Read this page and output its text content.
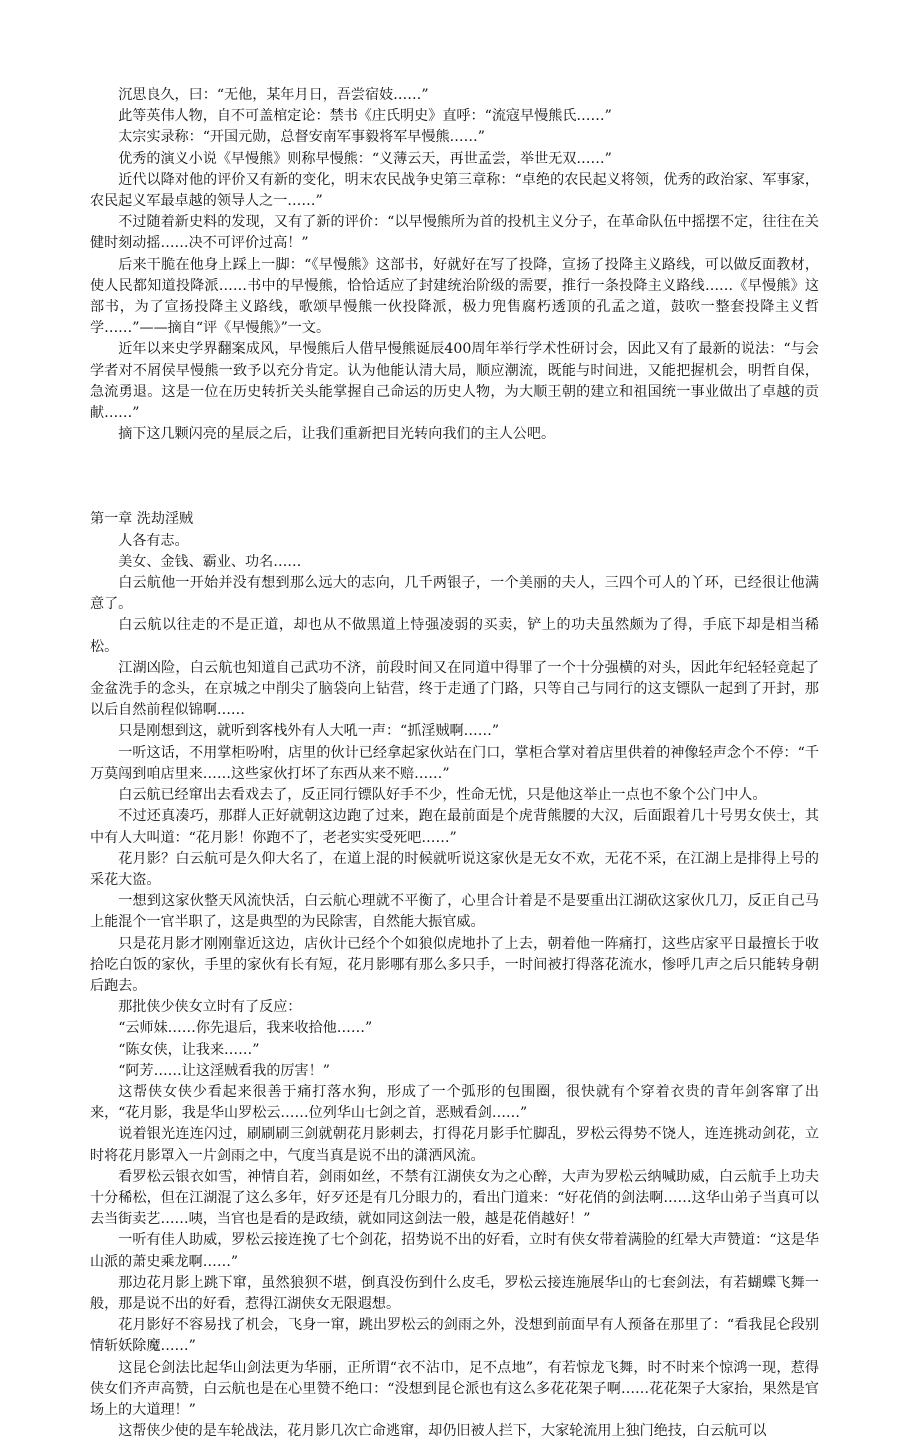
沉思良久，曰：“无他，某年月日，吾尝宿妓……”

此等英伟人物，自不可盖棺定论：禁书《庄氏明史》直呼：“流寇早慢熊氏……”

太宗实录称：“开国元勋，总督安南军事毅将军早慢熊……”

优秀的演义小说《早慢熊》则称早慢熊：“义薄云天，再世孟尝，举世无双……”

近代以降对他的评价又有新的变化，明末农民战争史第三章称：“卓绝的农民起义将领，优秀的政治家、军事家，农民起义军最卓越的领导人之一……”

不过随着新史料的发现，又有了新的评价：“以早慢熊所为首的投机主义分子，在革命队伍中摇摆不定，往往在关健时刻动摇……决不可评价过高！”

后来干脆在他身上踩上一脚：“《早慢熊》这部书，好就好在写了投降，宣扬了投降主义路线，可以做反面教材，使人民都知道投降派……书中的早慢熊，恰恰适应了封建统治阶级的需要，推行一条投降主义路线……《早慢熊》这部书，为了宣扬投降主义路线，歌颂早慢熊一伙投降派，极力兜售腐朽透顶的孔孟之道，鼓吹一整套投降主义哲学……”——摘自“评《早慢熊》”一文。

近年以来史学界翻案成风，早慢熊后人借早慢熊诞辰400周年举行学术性研讨会，因此又有了最新的说法：“与会学者对不屑侯早慢熊一致予以充分肯定。认为他能认清大局，顺应潮流，既能与时间进，又能把握机会，明哲自保，急流勇退。这是一位在历史转折关头能掌握自己命运的历史人物，为大顺王朝的建立和祖国统一事业做出了卓越的贡献……”

摘下这几颗闪亮的星辰之后，让我们重新把目光转向我们的主人公吧。

第一章 洗劫淫贼

人各有志。

美女、金钱、霸业、功名……

白云航他一开始并没有想到那么远大的志向，几千两银子，一个美丽的夫人，三四个可人的丫环，已经很让他满意了。

白云航以往走的不是正道，却也从不做黑道上恃强凌弱的买卖，铲上的功夫虽然颇为了得，手底下却是相当稀松。

江湖凶险，白云航也知道自己武功不济，前段时间又在同道中得罪了一个十分强横的对头，因此年纪轻轻竟起了金盆洗手的念头，在京城之中削尖了脑袋向上钻营，终于走通了门路，只等自己与同行的这支镖队一起到了开封，那以后自然前程似锦啊……

只是刚想到这，就听到客栈外有人大吼一声：“抓淫贼啊……”

一听这话，不用掌柜吩咐，店里的伙计已经拿起家伙站在门口，掌柜合掌对着店里供着的神像轻声念个不停：“千万莫闯到咱店里来……这些家伙打坏了东西从来不赔……”

白云航已经窜出去看戏去了，反正同行镖队好手不少，性命无忧，只是他这举止一点也不象个公门中人。

不过还真凑巧，那群人正好就朝这边跑了过来，跑在最前面是个虎背熊腰的大汉，后面跟着几十号男女侠士，其中有人大叫道：“花月影！你跑不了，老老实实受死吧……”

花月影？白云航可是久仰大名了，在道上混的时候就听说这家伙是无女不欢，无花不采，在江湖上是排得上号的采花大盗。

一想到这家伙整天风流快活，白云航心理就不平衡了，心里合计着是不是要重出江湖砍这家伙几刀，反正自己马上能混个一官半职了，这是典型的为民除害，自然能大振官威。

只是花月影才刚刚靠近这边，店伙计已经个个如狼似虎地扑了上去，朝着他一阵痛打，这些店家平日最擅长于收拾吃白饭的家伙，手里的家伙有长有短，花月影哪有那么多只手，一时间被打得落花流水，惨呼几声之后只能转身朝后跑去。

那批侠少侠女立时有了反应：

“云师妹……你先退后，我来收拾他……”

“陈女侠，让我来……”

“阿芳……让这淫贼看我的厉害！”

这帮侠女侠少看起来很善于痛打落水狗，形成了一个弧形的包围圈，很快就有个穿着衣贵的青年剑客窜了出来，“花月影，我是华山罗松云……位列华山七剑之首，恶贼看剑……”

说着银光连连闪过，刷刷刷三剑就朝花月影刺去，打得花月影手忙脚乱，罗松云得势不饶人，连连挑动剑花，立时将花月影罩入一片剑雨之中，气度当真是说不出的潇洒风流。

看罗松云银衣如雪，神情自若，剑雨如丝，不禁有江湖侠女为之心醉，大声为罗松云纳喊助威，白云航手上功夫十分稀松，但在江湖混了这么多年，好歹还是有几分眼力的，看出门道来：“好花俏的剑法啊……这华山弟子当真可以去当街卖艺……咦，当官也是看的是政绩，就如同这剑法一般，越是花俏越好！”

一听有佳人助威，罗松云接连挽了七个剑花，招势说不出的好看，立时有侠女带着满脸的红晕大声赞道：“这是华山派的萧史乘龙啊……”

那边花月影上跳下窜，虽然狼狈不堪，倒真没伤到什么皮毛，罗松云接连施展华山的七套剑法，有若蝴蝶飞舞一般，那是说不出的好看，惹得江湖侠女无限遐想。

花月影好不容易找了机会，飞身一窜，跳出罗松云的剑雨之外，没想到前面早有人预备在那里了：“看我昆仑段别情斩妖除魔……”

这昆仑剑法比起华山剑法更为华丽，正所谓“衣不沾巾，足不点地”，有若惊龙飞舞，时不时来个惊鸿一现，惹得侠女们齐声高赞，白云航也是在心里赞不绝口：“没想到昆仑派也有这么多花花架子啊……花花架子大家抬，果然是官场上的大道理！”

这帮侠少使的是车轮战法，花月影几次亡命逃窜，却仍旧被人拦下，大家轮流用上独门绝技，白云航可以
